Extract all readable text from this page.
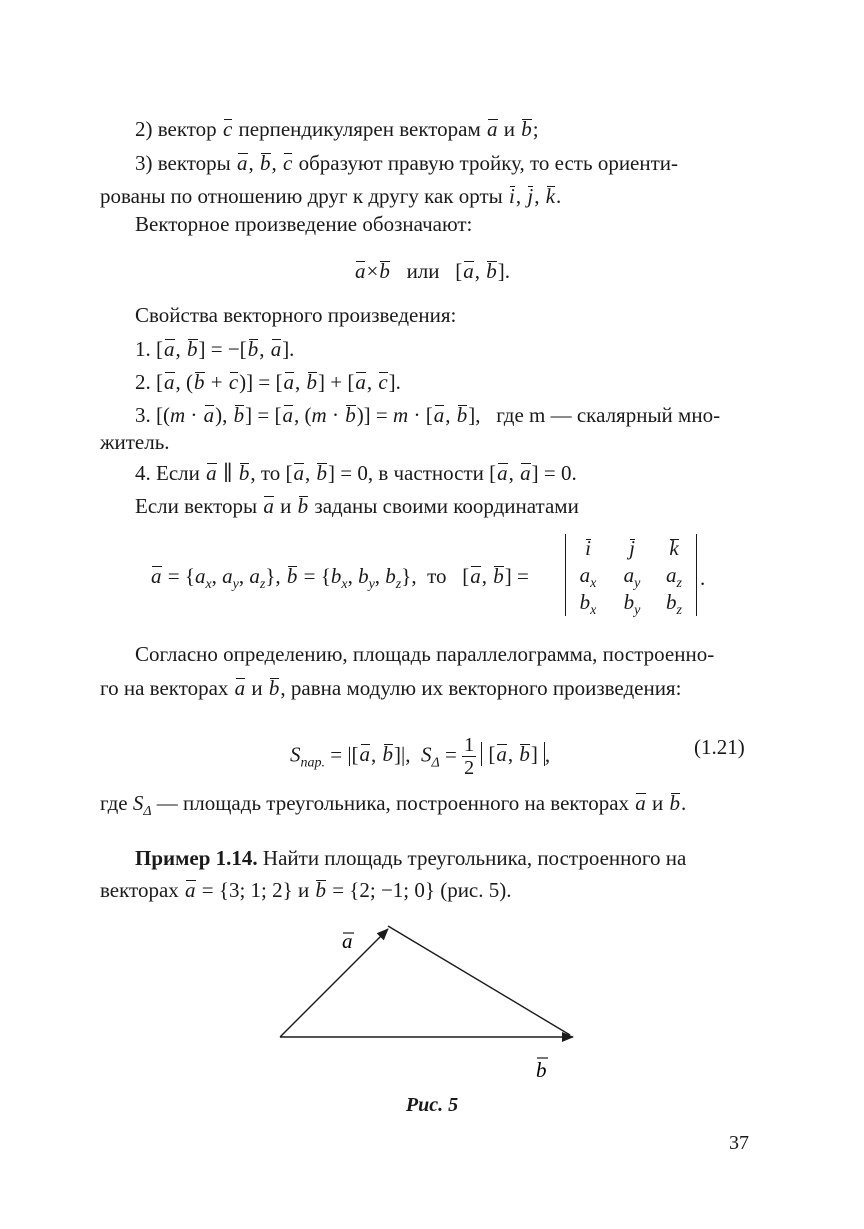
2) вектор c перпендикулярен векторам a и b;
3) векторы a, b, c образуют правую тройку, то есть ориенти-
рованы по отношению друг к другу как орты i, j, k.
Векторное произведение обозначают:
a×b или   [a, b].
Свойства векторного произведения:
1. [a, b] = −[b, a].
2. [a, (b + c)] = [a, b] + [a, c].
3. [(m · a), b] = [a, (m · b)] = m · [a, b],   где m — скалярный мно-
житель.
4. Если a ∥ b, то [a, b] = 0, в частности [a, a] = 0.
Если векторы a и b заданы своими координатами
$a = \{a_x$, $a_y$, $a_z$}, $b = \{b_x$, $b_y$, $b_z$},  то   [a, b] =
i	j	k
$a_x$	$a_y$	$a_z$
$b_x$	$b_y$	$b_z$
.
Согласно определению, площадь параллелограмма, построенно-
го на векторах a и b, равна модулю их векторного произведения:
$S_{пар.} = |[a$, b]|,  $S_\Delta = \frac{1}{2} [a$, b] ,	(1.21)
где $S_\Delta$ — площадь треугольника, построенного на векторах a и b.
Пример 1.14. Найти площадь треугольника, построенного на
векторах a = {3; 1; 2} и b = {2; −1; 0} (рис. 5).
a
b
Рис. 5
37
